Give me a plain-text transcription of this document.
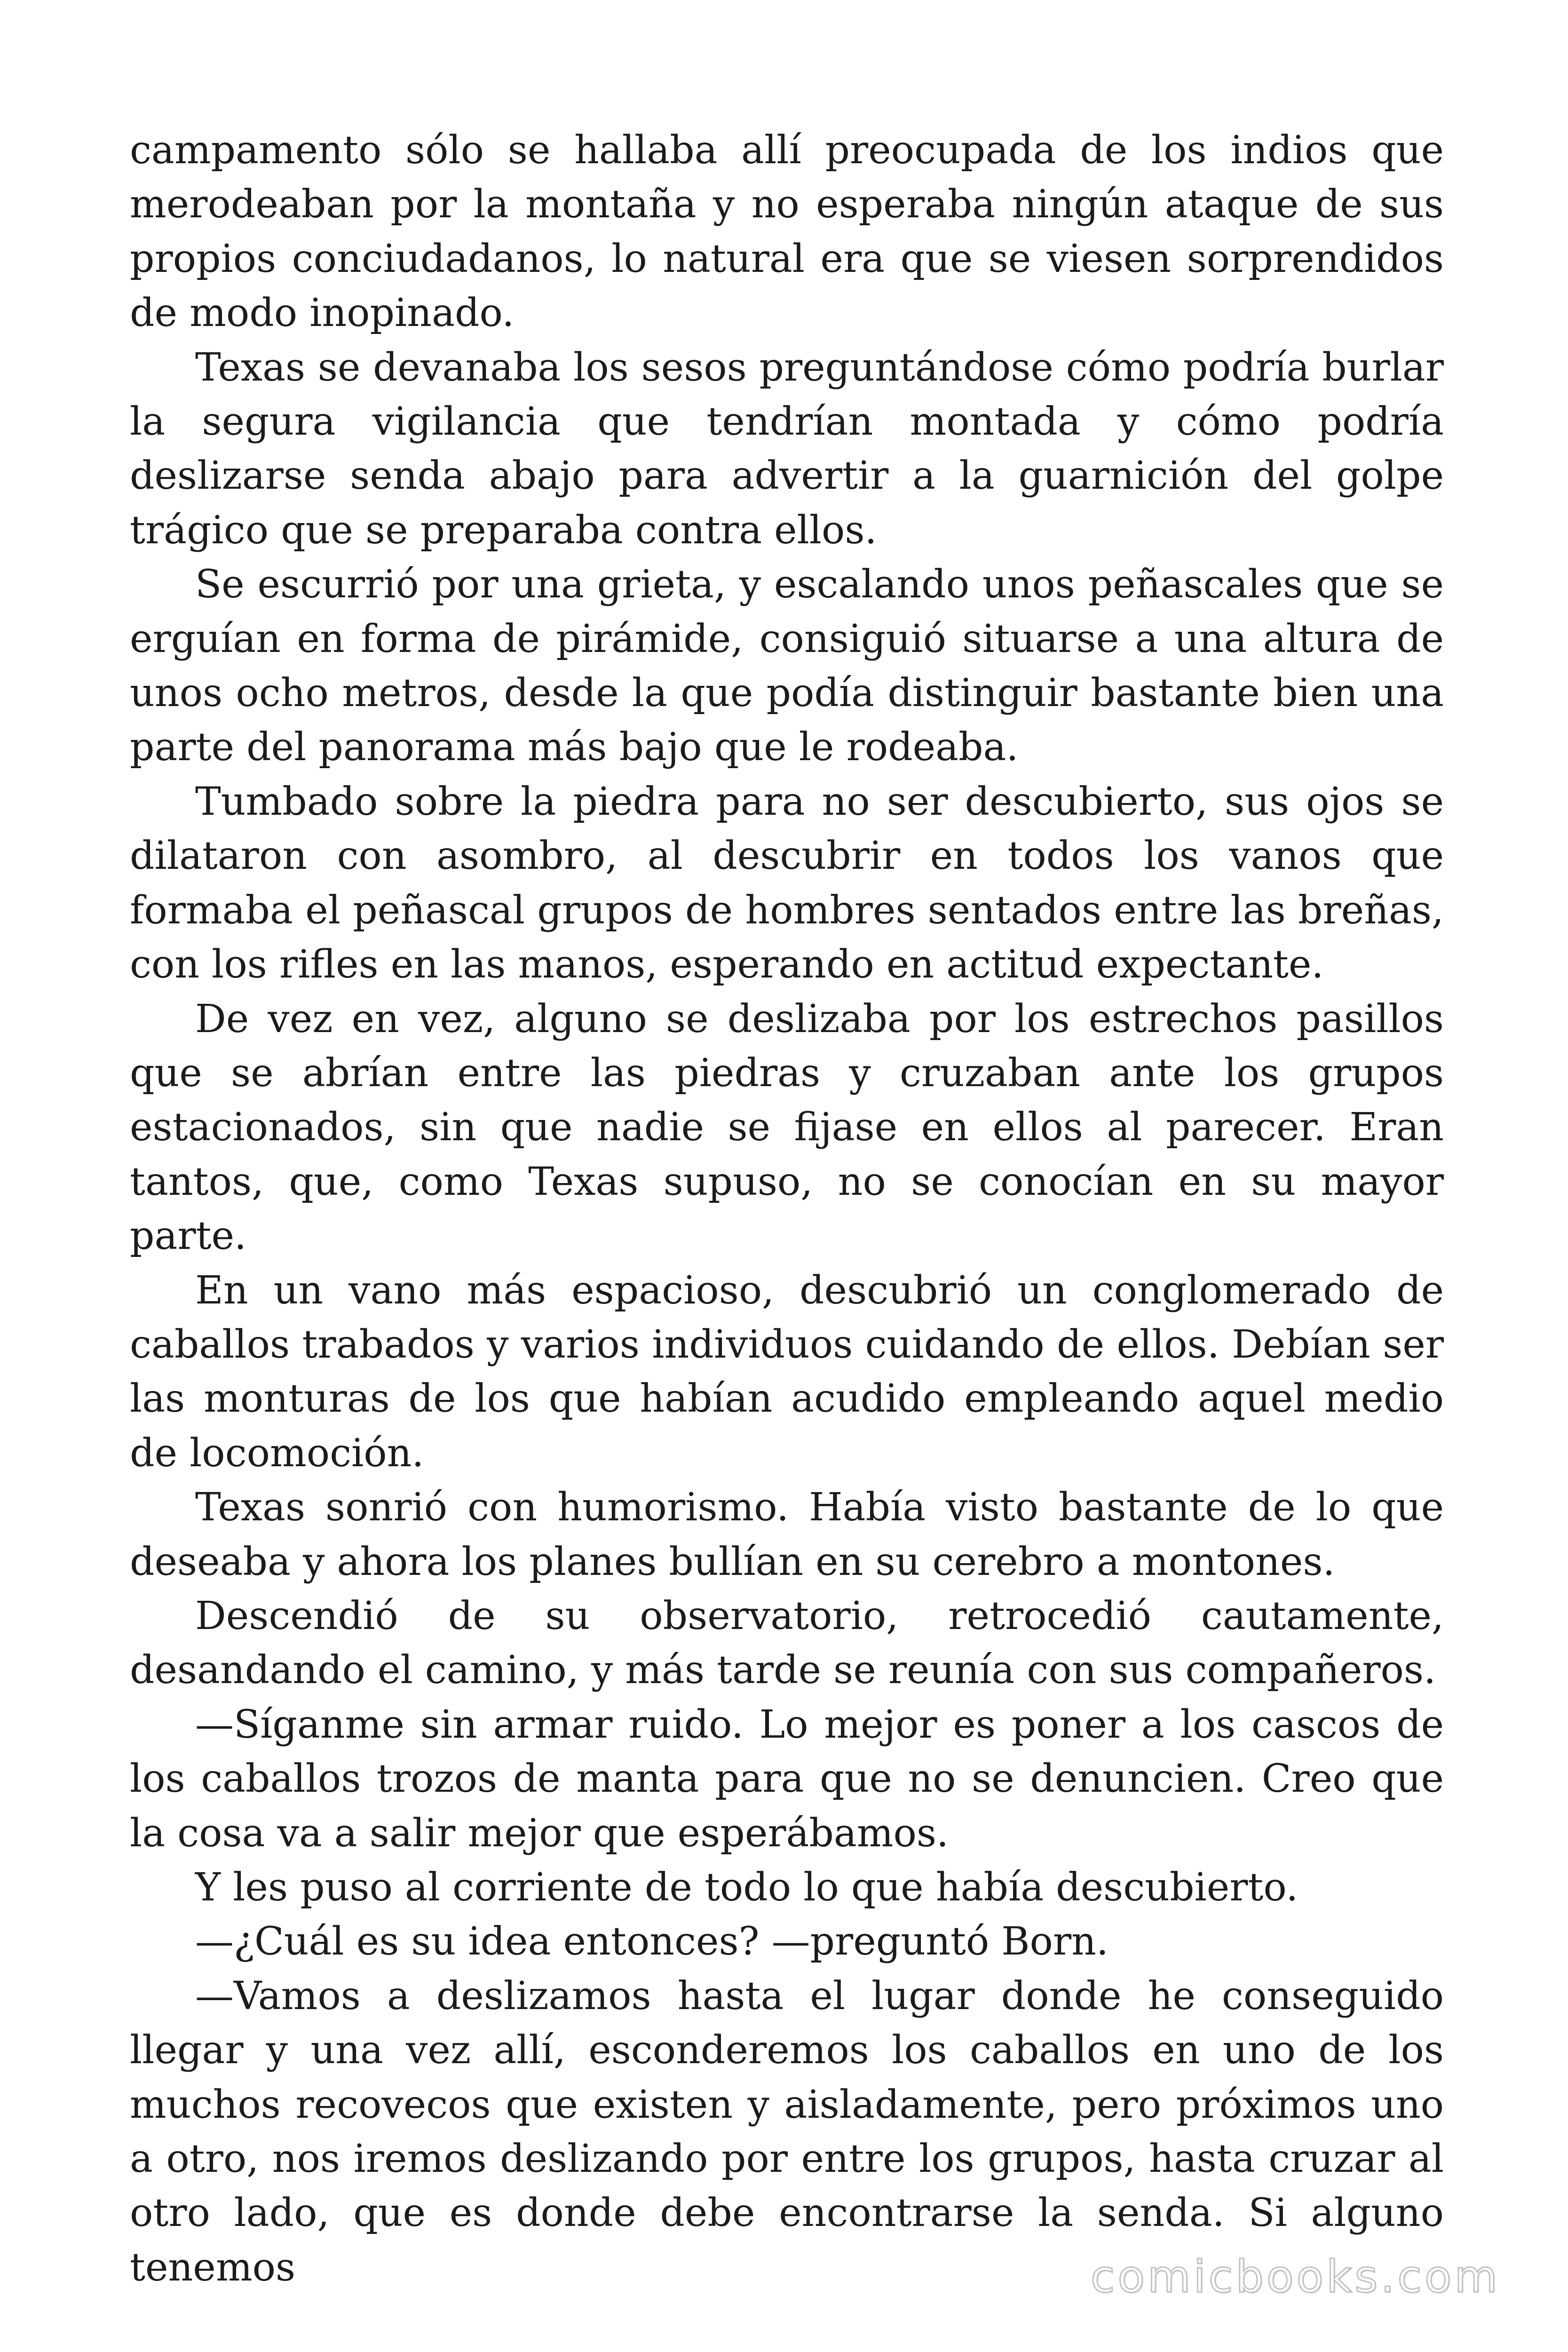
campamento sólo se hallaba allí preocupada de los indios que merodeaban por la montaña y no esperaba ningún ataque de sus propios conciudadanos, lo natural era que se viesen sorprendidos de modo inopinado.

Texas se devanaba los sesos preguntándose cómo podría burlar la segura vigilancia que tendrían montada y cómo podría deslizarse senda abajo para advertir a la guarnición del golpe trágico que se preparaba contra ellos.

Se escurrió por una grieta, y escalando unos peñascales que se erguían en forma de pirámide, consiguió situarse a una altura de unos ocho metros, desde la que podía distinguir bastante bien una parte del panorama más bajo que le rodeaba.

Tumbado sobre la piedra para no ser descubierto, sus ojos se dilataron con asombro, al descubrir en todos los vanos que formaba el peñascal grupos de hombres sentados entre las breñas, con los rifles en las manos, esperando en actitud expectante.

De vez en vez, alguno se deslizaba por los estrechos pasillos que se abrían entre las piedras y cruzaban ante los grupos estacionados, sin que nadie se fijase en ellos al parecer. Eran tantos, que, como Texas supuso, no se conocían en su mayor parte.

En un vano más espacioso, descubrió un conglomerado de caballos trabados y varios individuos cuidando de ellos. Debían ser las monturas de los que habían acudido empleando aquel medio de locomoción.

Texas sonrió con humorismo. Había visto bastante de lo que deseaba y ahora los planes bullían en su cerebro a montones.

Descendió de su observatorio, retrocedió cautamente, desandando el camino, y más tarde se reunía con sus compañeros.

—Síganme sin armar ruido. Lo mejor es poner a los cascos de los caballos trozos de manta para que no se denuncien. Creo que la cosa va a salir mejor que esperábamos.

Y les puso al corriente de todo lo que había descubierto.

—¿Cuál es su idea entonces? —preguntó Born.

—Vamos a deslizamos hasta el lugar donde he conseguido llegar y una vez allí, esconderemos los caballos en uno de los muchos recovecos que existen y aisladamente, pero próximos uno a otro, nos iremos deslizando por entre los grupos, hasta cruzar al otro lado, que es donde debe encontrarse la senda. Si alguno tenemos	comicbooks.com
